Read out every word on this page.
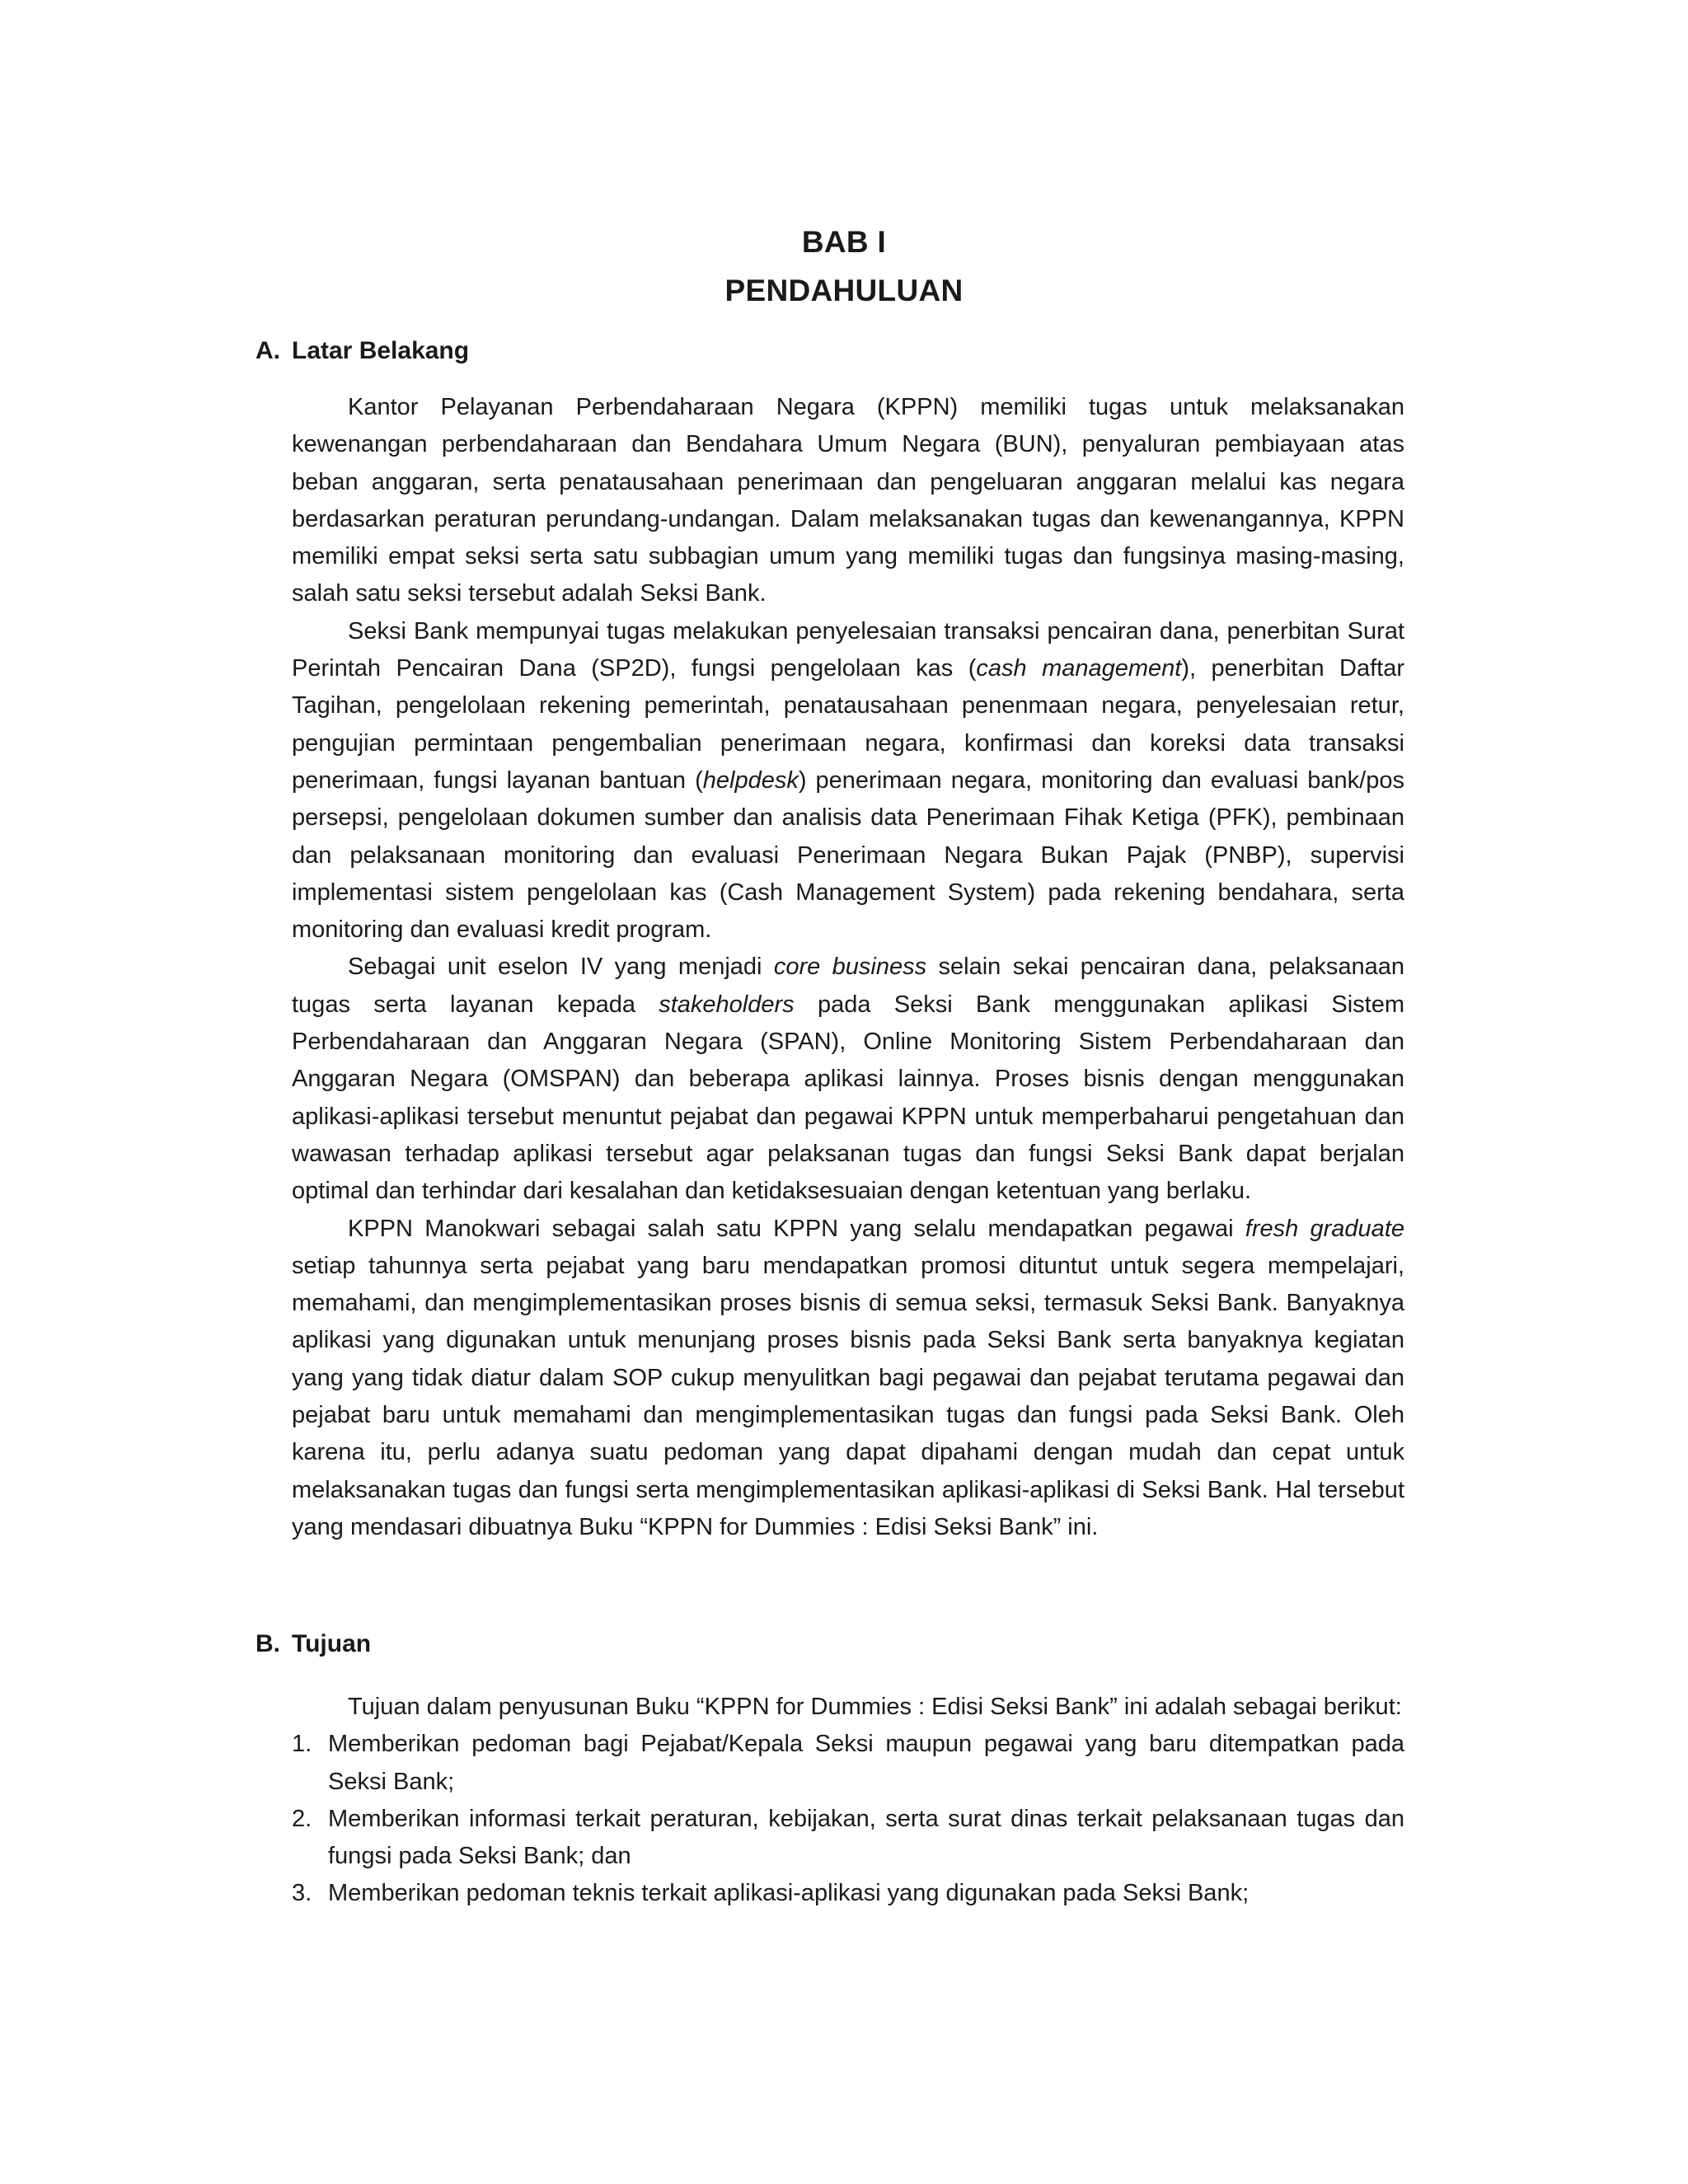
BAB I
PENDAHULUAN
A. Latar Belakang

Kantor Pelayanan Perbendaharaan Negara (KPPN) memiliki tugas untuk melaksanakan kewenangan perbendaharaan dan Bendahara Umum Negara (BUN), penyaluran pembiayaan atas beban anggaran, serta penatausahaan penerimaan dan pengeluaran anggaran melalui kas negara berdasarkan peraturan perundang-undangan. Dalam melaksanakan tugas dan kewenangannya, KPPN memiliki empat seksi serta satu subbagian umum yang memiliki tugas dan fungsinya masing-masing, salah satu seksi tersebut adalah Seksi Bank.

Seksi Bank mempunyai tugas melakukan penyelesaian transaksi pencairan dana, penerbitan Surat Perintah Pencairan Dana (SP2D), fungsi pengelolaan kas (cash management), penerbitan Daftar Tagihan, pengelolaan rekening pemerintah, penatausahaan penenmaan negara, penyelesaian retur, pengujian permintaan pengembalian penerimaan negara, konfirmasi dan koreksi data transaksi penerimaan, fungsi layanan bantuan (helpdesk) penerimaan negara, monitoring dan evaluasi bank/pos persepsi, pengelolaan dokumen sumber dan analisis data Penerimaan Fihak Ketiga (PFK), pembinaan dan pelaksanaan monitoring dan evaluasi Penerimaan Negara Bukan Pajak (PNBP), supervisi implementasi sistem pengelolaan kas (Cash Management System) pada rekening bendahara, serta monitoring dan evaluasi kredit program.

Sebagai unit eselon IV yang menjadi core business selain sekai pencairan dana, pelaksanaan tugas serta layanan kepada stakeholders pada Seksi Bank menggunakan aplikasi Sistem Perbendaharaan dan Anggaran Negara (SPAN), Online Monitoring Sistem Perbendaharaan dan Anggaran Negara (OMSPAN) dan beberapa aplikasi lainnya. Proses bisnis dengan menggunakan aplikasi-aplikasi tersebut menuntut pejabat dan pegawai KPPN untuk memperbaharui pengetahuan dan wawasan terhadap aplikasi tersebut agar pelaksanan tugas dan fungsi Seksi Bank dapat berjalan optimal dan terhindar dari kesalahan dan ketidaksesuaian dengan ketentuan yang berlaku.

KPPN Manokwari sebagai salah satu KPPN yang selalu mendapatkan pegawai fresh graduate setiap tahunnya serta pejabat yang baru mendapatkan promosi dituntut untuk segera mempelajari, memahami, dan mengimplementasikan proses bisnis di semua seksi, termasuk Seksi Bank. Banyaknya aplikasi yang digunakan untuk menunjang proses bisnis pada Seksi Bank serta banyaknya kegiatan yang yang tidak diatur dalam SOP cukup menyulitkan bagi pegawai dan pejabat terutama pegawai dan pejabat baru untuk memahami dan mengimplementasikan tugas dan fungsi pada Seksi Bank. Oleh karena itu, perlu adanya suatu pedoman yang dapat dipahami dengan mudah dan cepat untuk melaksanakan tugas dan fungsi serta mengimplementasikan aplikasi-aplikasi di Seksi Bank. Hal tersebut yang mendasari dibuatnya Buku “KPPN for Dummies : Edisi Seksi Bank” ini.

B. Tujuan

Tujuan dalam penyusunan Buku “KPPN for Dummies : Edisi Seksi Bank” ini adalah sebagai berikut:

1. Memberikan pedoman bagi Pejabat/Kepala Seksi maupun pegawai yang baru ditempatkan pada Seksi Bank;
2. Memberikan informasi terkait peraturan, kebijakan, serta surat dinas terkait pelaksanaan tugas dan fungsi pada Seksi Bank; dan
3. Memberikan pedoman teknis terkait aplikasi-aplikasi yang digunakan pada Seksi Bank;
